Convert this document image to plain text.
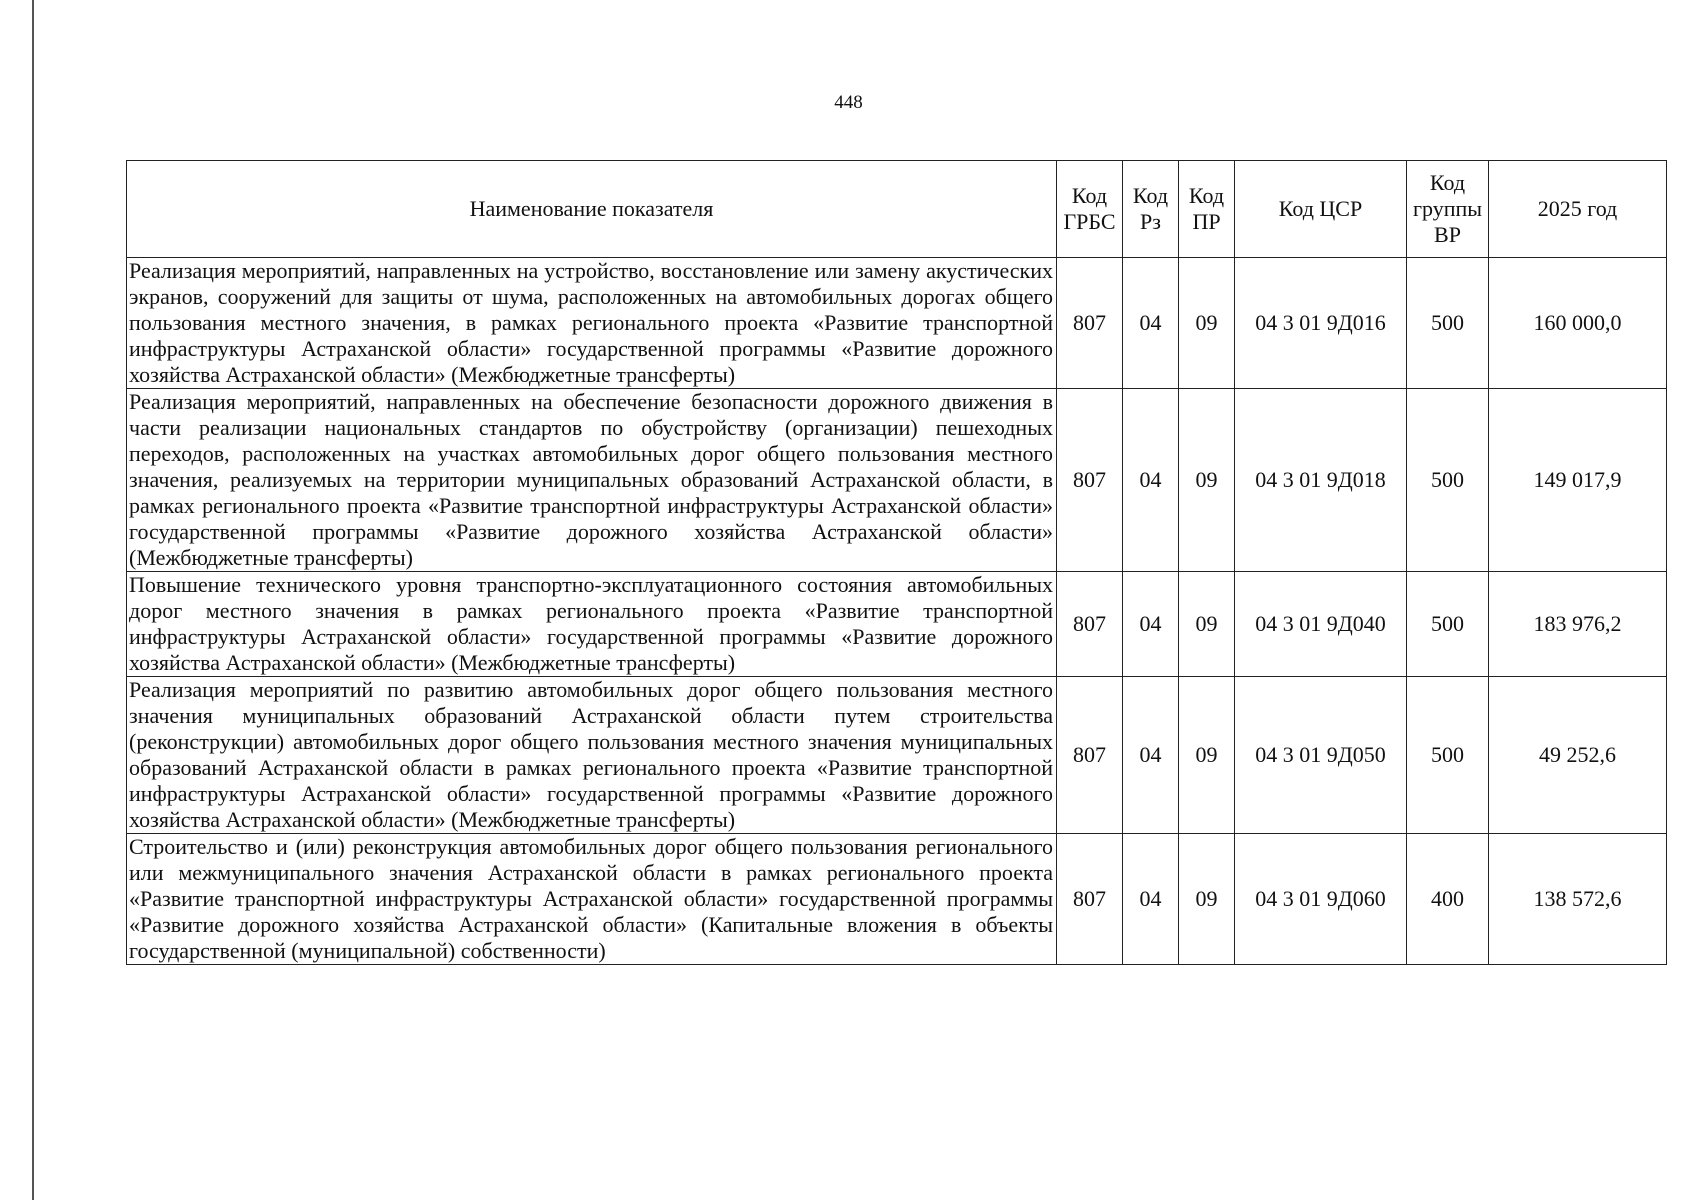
448
Наименование показателя	Код ГРБС	Код Рз	Код ПР	Код ЦСР	Код группы ВР	2025 год
Реализация мероприятий, направленных на устройство, восстановление или замену акустических экранов, сооружений для защиты от шума, расположенных на автомобильных дорогах общего пользования местного значения, в рамках регионального проекта «Развитие транспортной инфраструктуры Астраханской области» государственной программы «Развитие дорожного хозяйства Астраханской области» (Межбюджетные трансферты)	807	04	09	04 3 01 9Д016	500	160 000,0
Реализация мероприятий, направленных на обеспечение безопасности дорожного движения в части реализации национальных стандартов по обустройству (организации) пешеходных переходов, расположенных на участках автомобильных дорог общего пользования местного значения, реализуемых на территории муниципальных образований Астраханской области, в рамках регионального проекта «Развитие транспортной инфраструктуры Астраханской области» государственной программы «Развитие дорожного хозяйства Астраханской области» (Межбюджетные трансферты)	807	04	09	04 3 01 9Д018	500	149 017,9
Повышение технического уровня транспортно-эксплуатационного состояния автомобильных дорог местного значения в рамках регионального проекта «Развитие транспортной инфраструктуры Астраханской области» государственной программы «Развитие дорожного хозяйства Астраханской области» (Межбюджетные трансферты)	807	04	09	04 3 01 9Д040	500	183 976,2
Реализация мероприятий по развитию автомобильных дорог общего пользования местного значения муниципальных образований Астраханской области путем строительства (реконструкции) автомобильных дорог общего пользования местного значения муниципальных образований Астраханской области в рамках регионального проекта «Развитие транспортной инфраструктуры Астраханской области» государственной программы «Развитие дорожного хозяйства Астраханской области» (Межбюджетные трансферты)	807	04	09	04 3 01 9Д050	500	49 252,6
Строительство и (или) реконструкция автомобильных дорог общего пользования регионального или межмуниципального значения Астраханской области в рамках регионального проекта «Развитие транспортной инфраструктуры Астраханской области» государственной программы «Развитие дорожного хозяйства Астраханской области» (Капитальные вложения в объекты государственной (муниципальной) собственности)	807	04	09	04 3 01 9Д060	400	138 572,6
